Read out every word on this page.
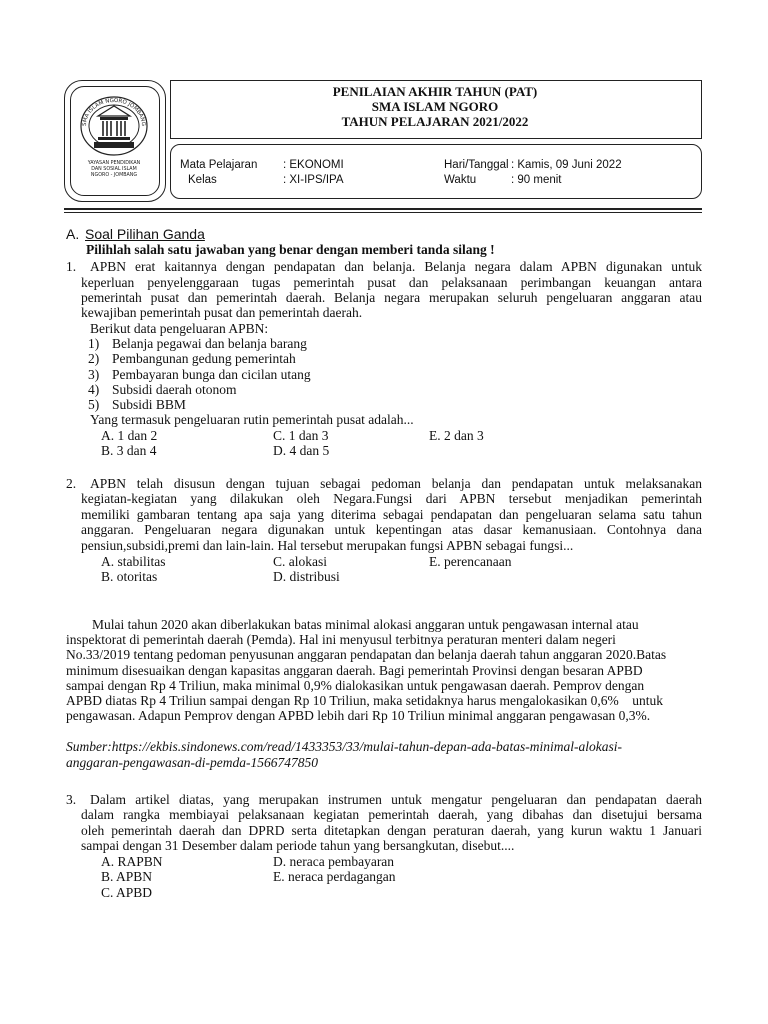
SMA ISLAM NGORO JOMBANG
YAYASAN PENDIDIKAN
DAN SOSIAL ISLAM
NGORO - JOMBANG
PENILAIAN AKHIR TAHUN (PAT)
SMA ISLAM NGORO
TAHUN PELAJARAN 2021/2022
Mata Pelajaran : EKONOMI
Kelas	: XI-IPS/IPA
Hari/Tanggal : Kamis, 09 Juni 2022
Waktu	: 90 menit
A. Soal Pilihan Ganda
Pilihlah salah satu jawaban yang benar dengan memberi tanda silang !
1. APBN erat kaitannya dengan pendapatan dan belanja. Belanja negara dalam APBN digunakan untuk
keperluan penyelenggaraan tugas pemerintah pusat dan pelaksanaan perimbangan keuangan antara
pemerintah pusat dan pemerintah daerah. Belanja negara merupakan seluruh pengeluaran anggaran atau
kewajiban pemerintah pusat dan pemerintah daerah.
Berikut data pengeluaran APBN:
1) Belanja pegawai dan belanja barang
2) Pembangunan gedung pemerintah
3) Pembayaran bunga dan cicilan utang
4) Subsidi daerah otonom
5) Subsidi BBM
Yang termasuk pengeluaran rutin pemerintah pusat adalah...
A. 1 dan 2
B. 3 dan 4
C. 1 dan 3
D. 4 dan 5
E. 2 dan 3
2. APBN telah disusun dengan tujuan sebagai pedoman belanja dan pendapatan untuk melaksanakan
kegiatan-kegiatan yang dilakukan oleh Negara.Fungsi dari APBN tersebut menjadikan pemerintah
memiliki gambaran tentang apa saja yang diterima sebagai pendapatan dan pengeluaran selama satu tahun
anggaran. Pengeluaran negara digunakan untuk kepentingan atas dasar kemanusiaan. Contohnya dana
pensiun,subsidi,premi dan lain-lain. Hal tersebut merupakan fungsi APBN sebagai fungsi...
A. stabilitas
B. otoritas
C. alokasi
D. distribusi
E. perencanaan
Mulai tahun 2020 akan diberlakukan batas minimal alokasi anggaran untuk pengawasan internal atau
inspektorat di pemerintah daerah (Pemda). Hal ini menyusul terbitnya peraturan menteri dalam negeri
No.33/2019 tentang pedoman penyusunan anggaran pendapatan dan belanja daerah tahun anggaran 2020.Batas
minimum disesuaikan dengan kapasitas anggaran daerah. Bagi pemerintah Provinsi dengan besaran APBD
sampai dengan Rp 4 Triliun, maka minimal 0,9% dialokasikan untuk pengawasan daerah. Pemprov dengan
APBD diatas Rp 4 Triliun sampai dengan Rp 10 Triliun, maka setidaknya harus mengalokasikan 0,6%    untuk
pengawasan. Adapun Pemprov dengan APBD lebih dari Rp 10 Triliun minimal anggaran pengawasan 0,3%.
Sumber:https://ekbis.sindonews.com/read/1433353/33/mulai-tahun-depan-ada-batas-minimal-alokasi-
anggaran-pengawasan-di-pemda-1566747850
3. Dalam artikel diatas, yang merupakan instrumen untuk mengatur pengeluaran dan pendapatan daerah
dalam rangka membiayai pelaksanaan kegiatan pemerintah daerah, yang dibahas dan disetujui bersama
oleh pemerintah daerah dan DPRD serta ditetapkan dengan peraturan daerah, yang kurun waktu 1 Januari
sampai dengan 31 Desember dalam periode tahun yang bersangkutan, disebut....
A. RAPBN
B. APBN
C. APBD
D. neraca pembayaran
E. neraca perdagangan
